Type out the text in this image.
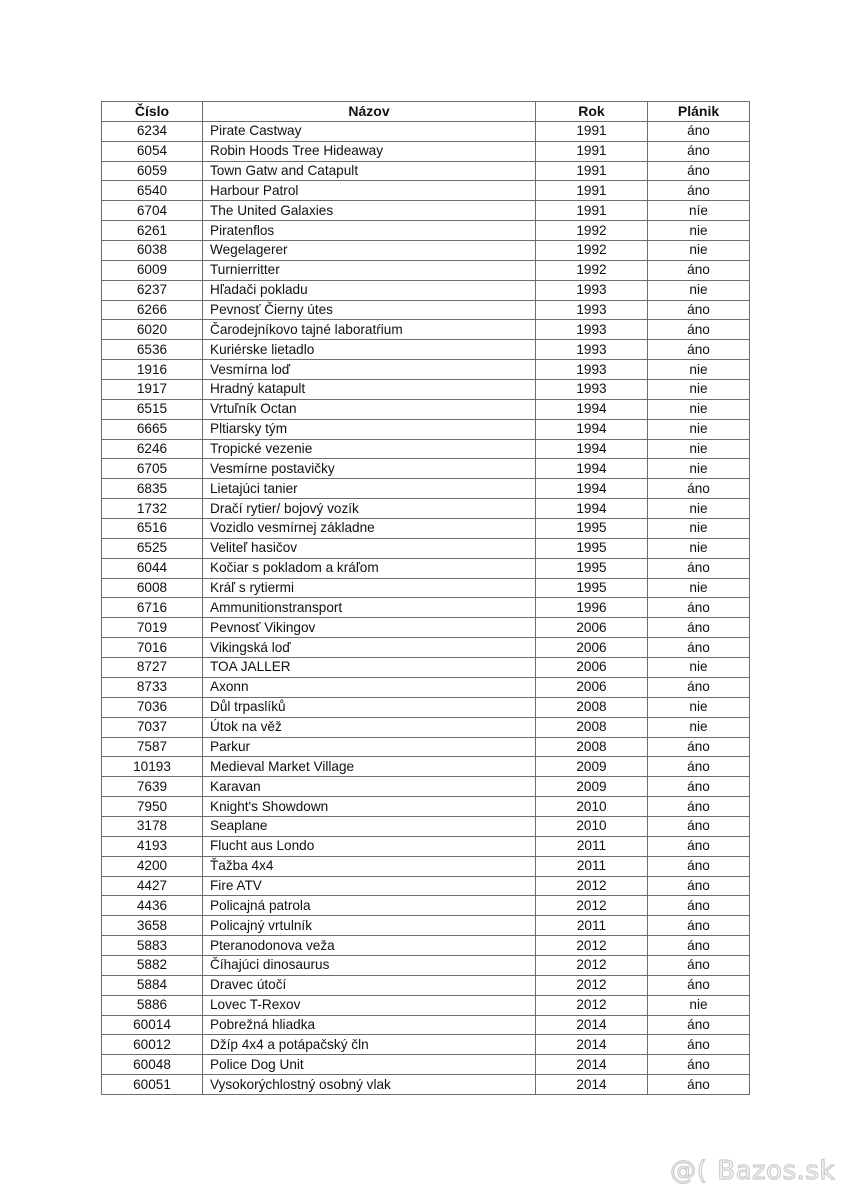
Číslo	Názov	Rok	Plánik
6234	Pirate Castway	1991	áno
6054	Robin Hoods Tree Hideaway	1991	áno
6059	Town Gatw and Catapult	1991	áno
6540	Harbour Patrol	1991	áno
6704	The United Galaxies	1991	níe
6261	Piratenflos	1992	nie
6038	Wegelagerer	1992	nie
6009	Turnierritter	1992	áno
6237	Hľadači pokladu	1993	nie
6266	Pevnosť Čierny útes	1993	áno
6020	Čarodejníkovo tajné laboratŕium	1993	áno
6536	Kuriérske lietadlo	1993	áno
1916	Vesmírna loď	1993	nie
1917	Hradný katapult	1993	nie
6515	Vrtuľník Octan	1994	nie
6665	Pltiarsky tým	1994	nie
6246	Tropické vezenie	1994	nie
6705	Vesmírne postavičky	1994	nie
6835	Lietajúci tanier	1994	áno
1732	Dračí rytier/ bojový vozík	1994	nie
6516	Vozidlo vesmírnej základne	1995	nie
6525	Veliteľ hasičov	1995	nie
6044	Kočiar s pokladom a kráľom	1995	áno
6008	Kráľ s rytiermi	1995	nie
6716	Ammunitionstransport	1996	áno
7019	Pevnosť Vikingov	2006	áno
7016	Vikingská loď	2006	áno
8727	TOA JALLER	2006	nie
8733	Axonn	2006	áno
7036	Důl trpaslíků	2008	nie
7037	Útok na věž	2008	nie
7587	Parkur	2008	áno
10193	Medieval Market Village	2009	áno
7639	Karavan	2009	áno
7950	Knight's Showdown	2010	áno
3178	Seaplane	2010	áno
4193	Flucht aus Londo	2011	áno
4200	Ťažba 4x4	2011	áno
4427	Fire ATV	2012	áno
4436	Policajná patrola	2012	áno
3658	Policajný vrtulník	2011	áno
5883	Pteranodonova veža	2012	áno
5882	Číhajúci dinosaurus	2012	áno
5884	Dravec útočí	2012	áno
5886	Lovec T-Rexov	2012	nie
60014	Pobrežná hliadka	2014	áno
60012	Džíp 4x4 a potápačský čln	2014	áno
60048	Police Dog Unit	2014	áno
60051	Vysokorýchlostný osobný vlak	2014	áno
@( Bazos.sk
